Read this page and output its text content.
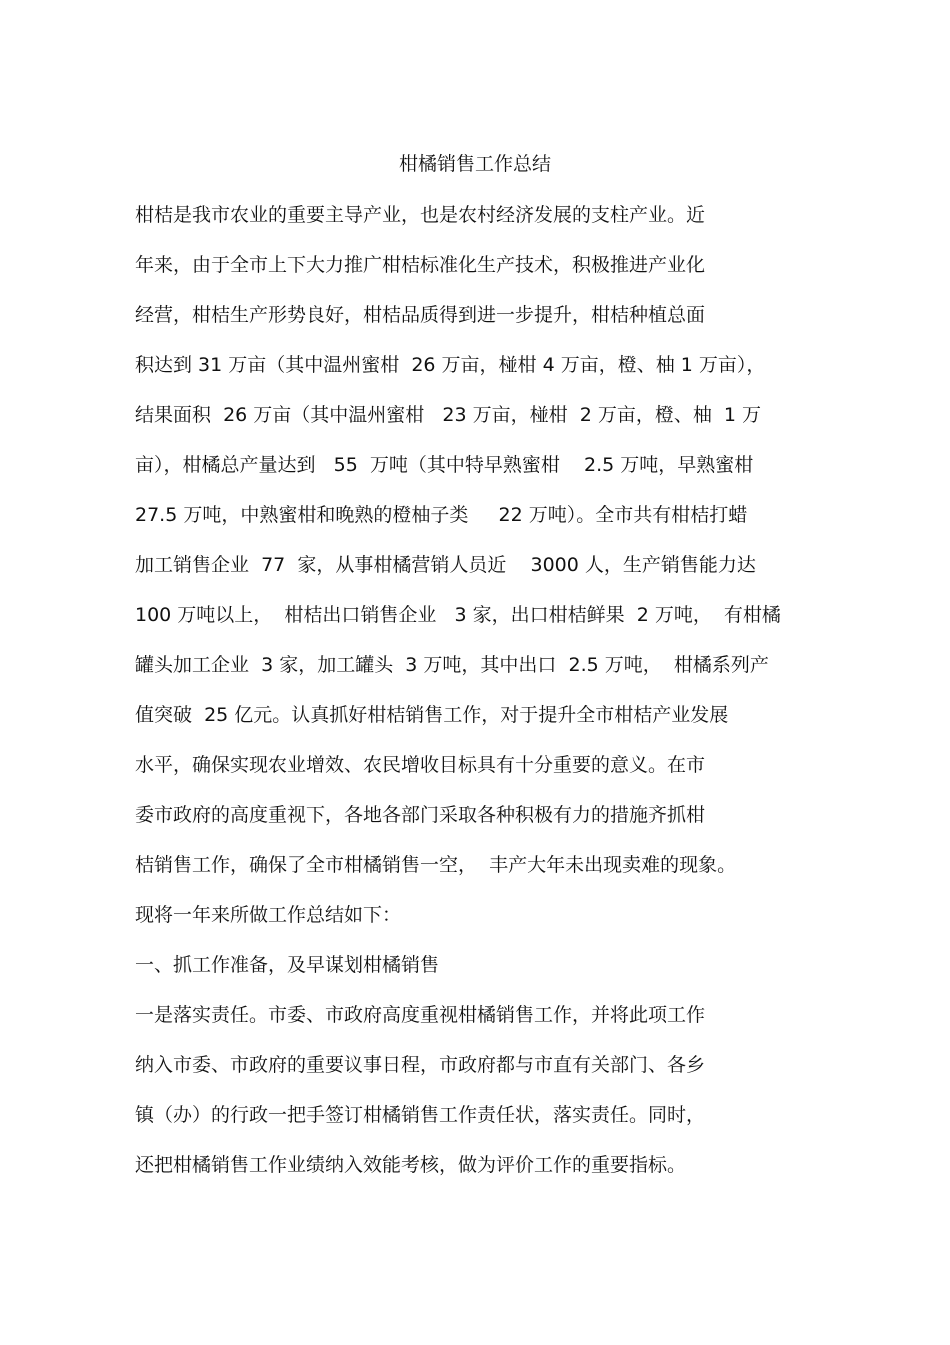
柑橘销售工作总结
柑桔是我市农业的重要主导产业，也是农村经济发展的支柱产业。近
年来，由于全市上下大力推广柑桔标准化生产技术，积极推进产业化
经营，柑桔生产形势良好，柑桔品质得到进一步提升，柑桔种植总面
积达到 31 万亩（其中温州蜜柑  26 万亩，椪柑 4 万亩，橙、柚 1 万亩），
结果面积  26 万亩（其中温州蜜柑   23 万亩，椪柑  2 万亩，橙、柚  1 万
亩），柑橘总产量达到   55  万吨（其中特早熟蜜柑    2.5 万吨，早熟蜜柑
27.5 万吨，中熟蜜柑和晚熟的橙柚子类     22 万吨）。全市共有柑桔打蜡
加工销售企业  77  家，从事柑橘营销人员近    3000 人，生产销售能力达
100 万吨以上，  柑桔出口销售企业   3 家，出口柑桔鲜果  2 万吨，  有柑橘
罐头加工企业  3 家，加工罐头  3 万吨，其中出口  2.5 万吨，  柑橘系列产
值突破  25 亿元。认真抓好柑桔销售工作，对于提升全市柑桔产业发展
水平，确保实现农业增效、农民增收目标具有十分重要的意义。在市
委市政府的高度重视下，各地各部门采取各种积极有力的措施齐抓柑
桔销售工作，确保了全市柑橘销售一空，  丰产大年未出现卖难的现象。
现将一年来所做工作总结如下：
一、抓工作准备，及早谋划柑橘销售
一是落实责任。市委、市政府高度重视柑橘销售工作，并将此项工作
纳入市委、市政府的重要议事日程，市政府都与市直有关部门、各乡
镇（办）的行政一把手签订柑橘销售工作责任状，落实责任。同时，
还把柑橘销售工作业绩纳入效能考核，做为评价工作的重要指标。
